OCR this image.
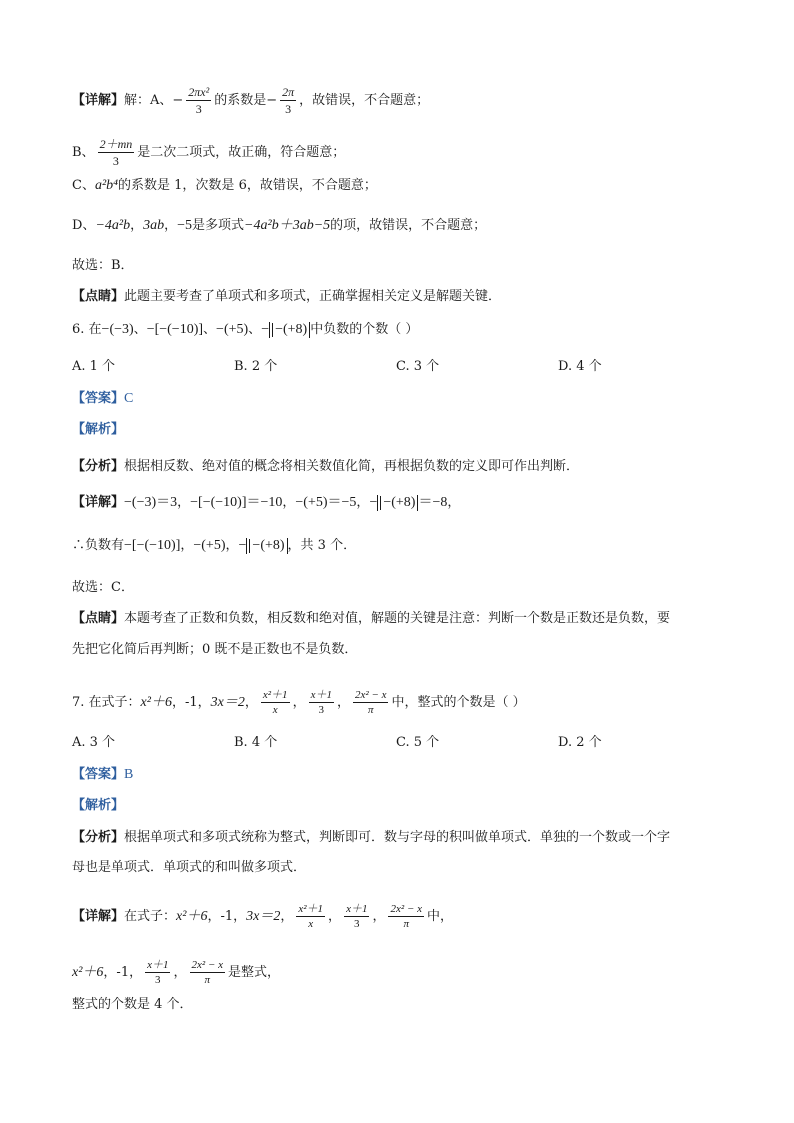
【详解】解：A、− $\frac{\text{2πx²}}{3}$ 的系数是− $\frac{2\pi}{3}$ ，故错误，不合题意；
B、 $\frac{2+mn}{3}$ 是二次二项式，故正确，符合题意；
C、a²b⁴的系数是 1，次数是 6，故错误，不合题意；
D、−4a²b，3ab，−5是多项式−4a²b＋3ab−5的项，故错误，不合题意；
故选：B．
【点睛】此题主要考查了单项式和多项式，正确掌握相关定义是解题关键．
6. 在−(−3)、−[−(−10)]、−(+5)、− −(+8) 中负数的个数（ ）
A. 1 个	B. 2 个	C. 3 个	D. 4 个
【答案】C
【解析】
【分析】根据相反数、绝对值的概念将相关数值化简，再根据负数的定义即可作出判断．
【详解】−(−3)＝3，−[−(−10)]＝−10，−(+5)＝−5，− −(+8) ＝−8，
∴负数有−[−(−10)]，−(+5)，− −(+8) ，共 3 个．
故选：C．
【点睛】本题考查了正数和负数，相反数和绝对值，解题的关键是注意：判断一个数是正数还是负数，要
先把它化简后再判断；0 既不是正数也不是负数．
7. 在式子：x²＋6，-1，3x＝2， $\frac{\text{x²＋1}}{x}$ ， $\frac{x+1}{3}$ ， $\frac{\text{2x² − x}}{\pi}$ 中，整式的个数是（ ）
A. 3 个	B. 4 个	C. 5 个	D. 2 个
【答案】B
【解析】
【分析】根据单项式和多项式统称为整式，判断即可．数与字母的积叫做单项式．单独的一个数或一个字
母也是单项式．单项式的和叫做多项式．
【详解】在式子：x²＋6，-1，3x＝2， $\frac{\text{x²＋1}}{x}$ ， $\frac{x+1}{3}$ ， $\frac{\text{2x² − x}}{\pi}$ 中，
x²＋6，-1， $\frac{x+1}{3}$ ， $\frac{\text{2x² − x}}{\pi}$ 是整式，
整式的个数是 4 个．
